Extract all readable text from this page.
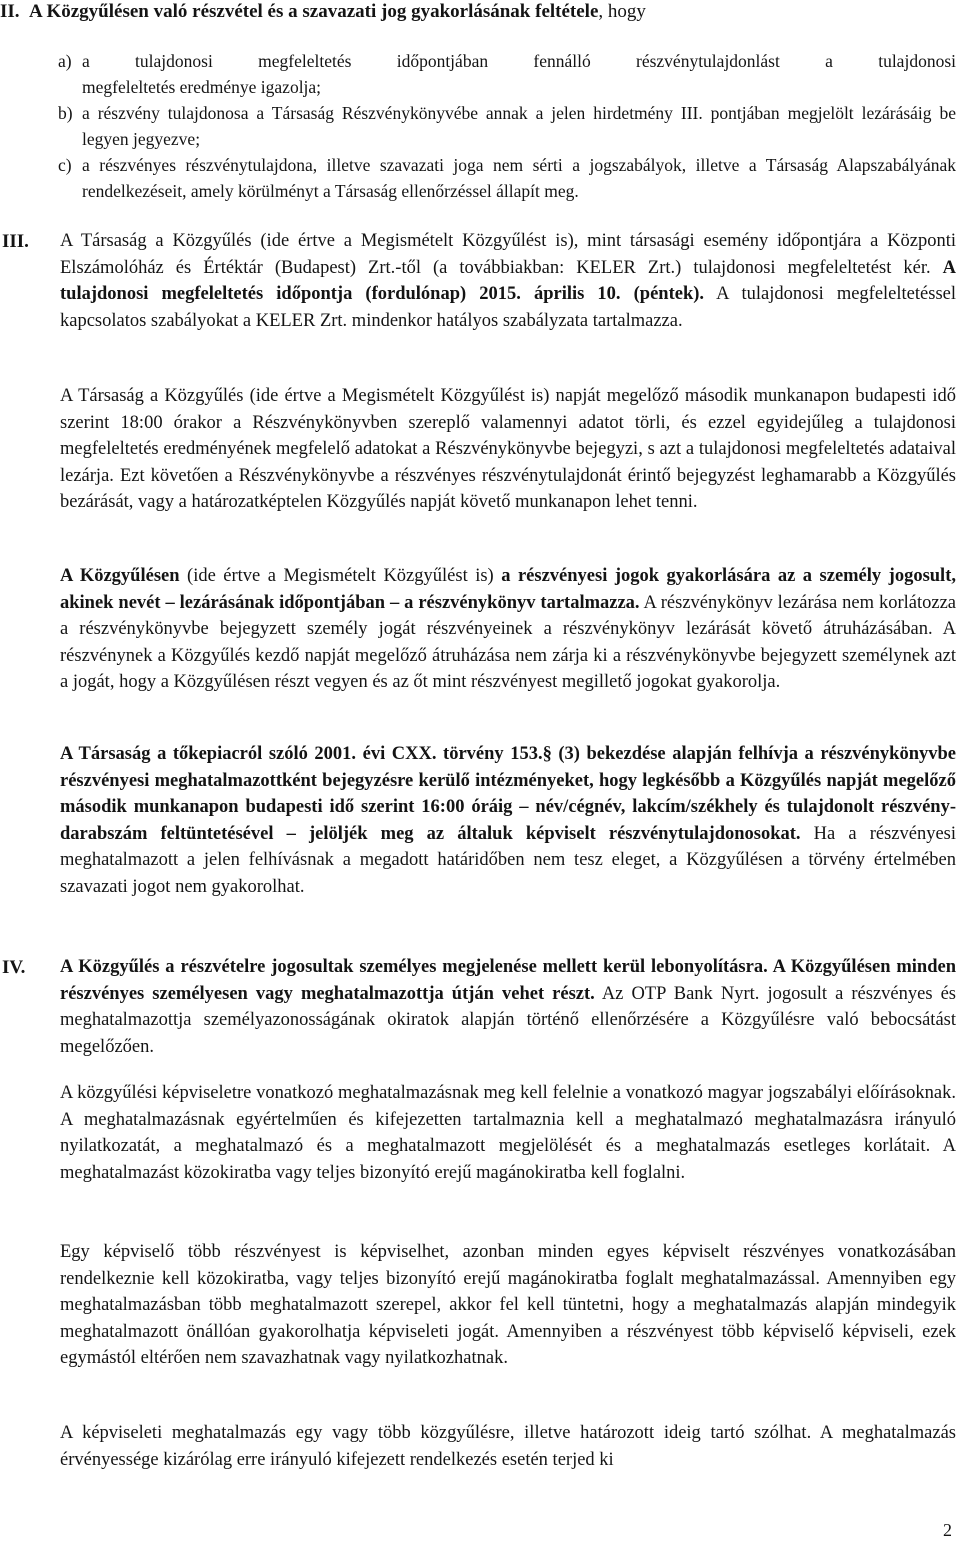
II. A Közgyűlésen való részvétel és a szavazati jog gyakorlásának feltétele, hogy
a) a tulajdonosi megfeleltetés időpontjában fennálló részvénytulajdonlást a tulajdonosi
megfeleltetés eredménye igazolja;
b) a részvény tulajdonosa a Társaság Részvénykönyvébe annak a jelen hirdetmény III. pontjában megjelölt lezárásáig be legyen jegyezve;
c) a részvényes részvénytulajdona, illetve szavazati joga nem sérti a jogszabályok, illetve a Társaság Alapszabályának rendelkezéseit, amely körülményt a Társaság ellenőrzéssel állapít meg.
III. A Társaság a Közgyűlés (ide értve a Megismételt Közgyűlést is), mint társasági esemény időpontjára a Központi Elszámolóház és Értéktár (Budapest) Zrt.-től (a továbbiakban: KELER Zrt.) tulajdonosi megfeleltetést kér. A tulajdonosi megfeleltetés időpontja (fordulónap) 2015. április 10. (péntek). A tulajdonosi megfeleltetéssel kapcsolatos szabályokat a KELER Zrt. mindenkor hatályos szabályzata tartalmazza.
A Társaság a Közgyűlés (ide értve a Megismételt Közgyűlést is) napját megelőző második munkanapon budapesti idő szerint 18:00 órakor a Részvénykönyvben szereplő valamennyi adatot törli, és ezzel egyidejűleg a tulajdonosi megfeleltetés eredményének megfelelő adatokat a Részvénykönyvbe bejegyzi, s azt a tulajdonosi megfeleltetés adataival lezárja. Ezt követően a Részvénykönyvbe a részvényes részvénytulajdonát érintő bejegyzést leghamarabb a Közgyűlés bezárását, vagy a határozatképtelen Közgyűlés napját követő munkanapon lehet tenni.
A Közgyűlésen (ide értve a Megismételt Közgyűlést is) a részvényesi jogok gyakorlására az a személy jogosult, akinek nevét – lezárásának időpontjában – a részvénykönyv tartalmazza. A részvénykönyv lezárása nem korlátozza a részvénykönyvbe bejegyzett személy jogát részvényeinek a részvénykönyv lezárását követő átruházásában. A részvénynek a Közgyűlés kezdő napját megelőző átruházása nem zárja ki a részvénykönyvbe bejegyzett személynek azt a jogát, hogy a Közgyűlésen részt vegyen és az őt mint részvényest megillető jogokat gyakorolja.
A Társaság a tőkepiacról szóló 2001. évi CXX. törvény 153.§ (3) bekezdése alapján felhívja a részvénykönyvbe részvényesi meghatalmazottként bejegyzésre kerülő intézményeket, hogy legkésőbb a Közgyűlés napját megelőző második munkanapon budapesti idő szerint 16:00 óráig – név/cégnév, lakcím/székhely és tulajdonolt részvény-darabszám feltüntetésével – jelöljék meg az általuk képviselt részvénytulajdonosokat. Ha a részvényesi meghatalmazott a jelen felhívásnak a megadott határidőben nem tesz eleget, a Közgyűlésen a törvény értelmében szavazati jogot nem gyakorolhat.
IV. A Közgyűlés a részvételre jogosultak személyes megjelenése mellett kerül lebonyolításra. A Közgyűlésen minden részvényes személyesen vagy meghatalmazottja útján vehet részt. Az OTP Bank Nyrt. jogosult a részvényes és meghatalmazottja személyazonosságának okiratok alapján történő ellenőrzésére a Közgyűlésre való bebocsátást megelőzően.
A közgyűlési képviseletre vonatkozó meghatalmazásnak meg kell felelnie a vonatkozó magyar jogszabályi előírásoknak. A meghatalmazásnak egyértelműen és kifejezetten tartalmaznia kell a meghatalmazó meghatalmazásra irányuló nyilatkozatát, a meghatalmazó és a meghatalmazott megjelölését és a meghatalmazás esetleges korlátait. A meghatalmazást közokiratba vagy teljes bizonyító erejű magánokiratba kell foglalni.
Egy képviselő több részvényest is képviselhet, azonban minden egyes képviselt részvényes vonatkozásában rendelkeznie kell közokiratba, vagy teljes bizonyító erejű magánokiratba foglalt meghatalmazással. Amennyiben egy meghatalmazásban több meghatalmazott szerepel, akkor fel kell tüntetni, hogy a meghatalmazás alapján mindegyik meghatalmazott önállóan gyakorolhatja képviseleti jogát. Amennyiben a részvényest több képviselő képviseli, ezek egymástól eltérően nem szavazhatnak vagy nyilatkozhatnak.
A képviseleti meghatalmazás egy vagy több közgyűlésre, illetve határozott ideig tartó szólhat. A meghatalmazás érvényessége kizárólag erre irányuló kifejezett rendelkezés esetén terjed ki
2
